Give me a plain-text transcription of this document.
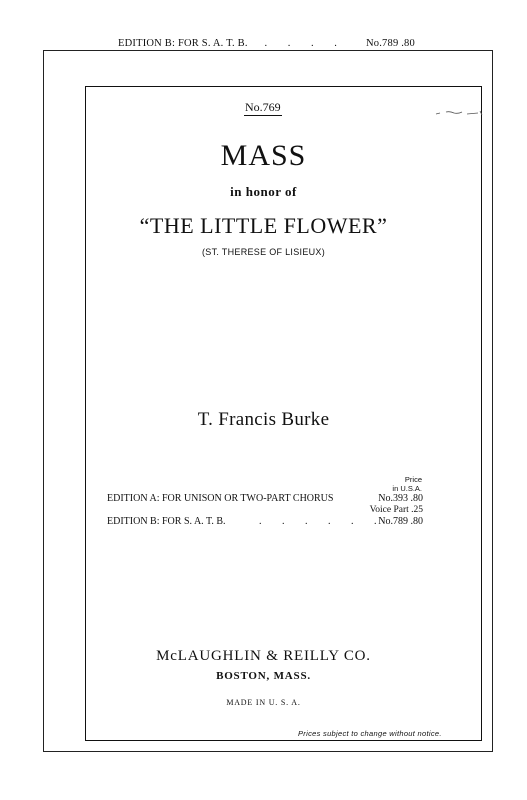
EDITION B: FOR S. A. T. B. . . . . No.789 .80
No.769
MASS
in honor of
“THE LITTLE FLOWER”
(ST. THERESE OF LISIEUX)
T. Francis Burke
Price
in U.S.A.
EDITION A: FOR UNISON OR TWO-PART CHORUS	No.393 .80
Voice Part .25
EDITION B: FOR S. A. T. B.	. . . . . .
No.789 .80
McLAUGHLIN & REILLY CO.
BOSTON, MASS.
MADE IN U. S. A.
Prices subject to change without notice.
